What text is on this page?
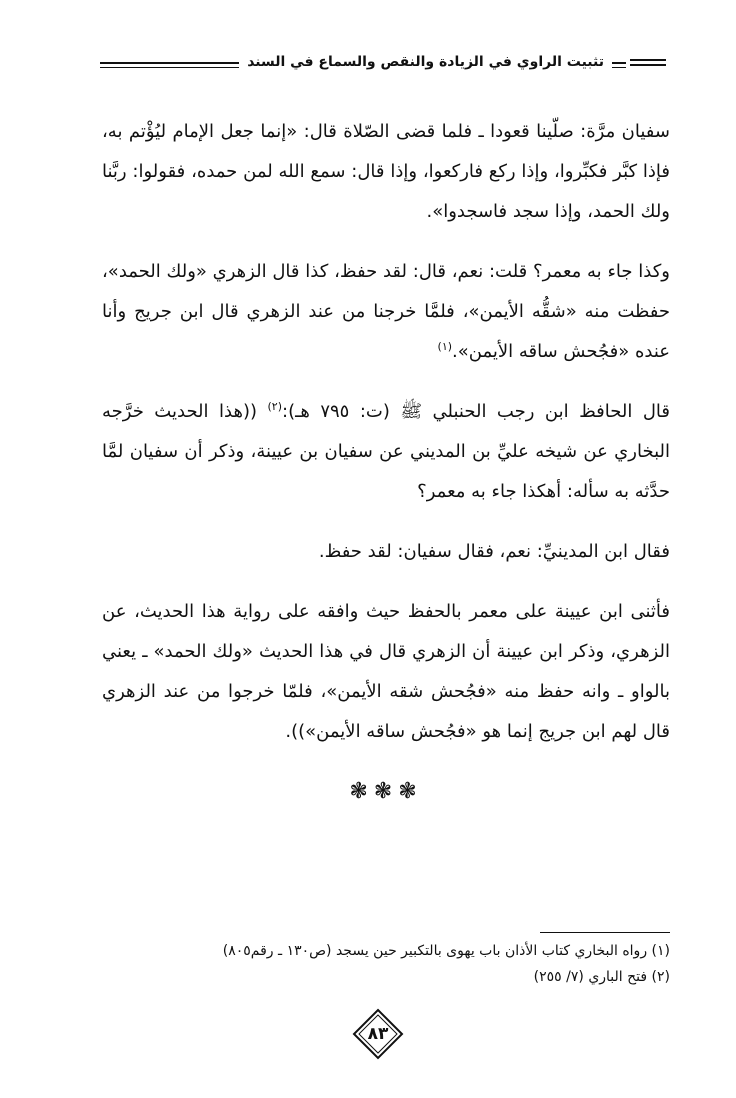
تثبيت الراوي في الزيادة والنقص والسماع في السند

سفيان مرَّة: صلّينا قعودا ـ فلما قضى الصّلاة قال: «إنما جعل الإمام ليُؤْتم به، فإذا كبَّر فكبِّروا، وإذا ركع فاركعوا، وإذا قال: سمع الله لمن حمده، فقولوا: ربَّنا ولك الحمد، وإذا سجد فاسجدوا».

وكذا جاء به معمر؟ قلت: نعم، قال: لقد حفظ، كذا قال الزهري «ولك الحمد»، حفظت منه «شقُّه الأيمن»، فلمَّا خرجنا من عند الزهري قال ابن جريج وأنا عنده «فجُحش ساقه الأيمن».$^{(١)}$

قال الحافظ ابن رجب الحنبلي ﷺ (ت: ٧٩٥ هـ):$^{(٢)}$ ((هذا الحديث خرَّجه البخاري عن شيخه عليِّ بن المديني عن سفيان بن عيينة، وذكر أن سفيان لمَّا حدَّثه به سأله: أهكذا جاء به معمر؟

فقال ابن المدينيِّ: نعم، فقال سفيان: لقد حفظ.

فأثنى ابن عيينة على معمر بالحفظ حيث وافقه على رواية هذا الحديث، عن الزهري، وذكر ابن عيينة أن الزهري قال في هذا الحديث «ولك الحمد» ـ يعني بالواو ـ وانه حفظ منه «فجُحش شقه الأيمن»، فلمّا خرجوا من عند الزهري قال لهم ابن جريج إنما هو «فجُحش ساقه الأيمن»)).

❃❃❃
(١) رواه البخاري كتاب الأذان باب يهوى بالتكبير حين يسجد (ص١٣٠ ـ رقم٨٠٥)
(٢) فتح الباري (٧/ ٢٥٥)
٨٣
